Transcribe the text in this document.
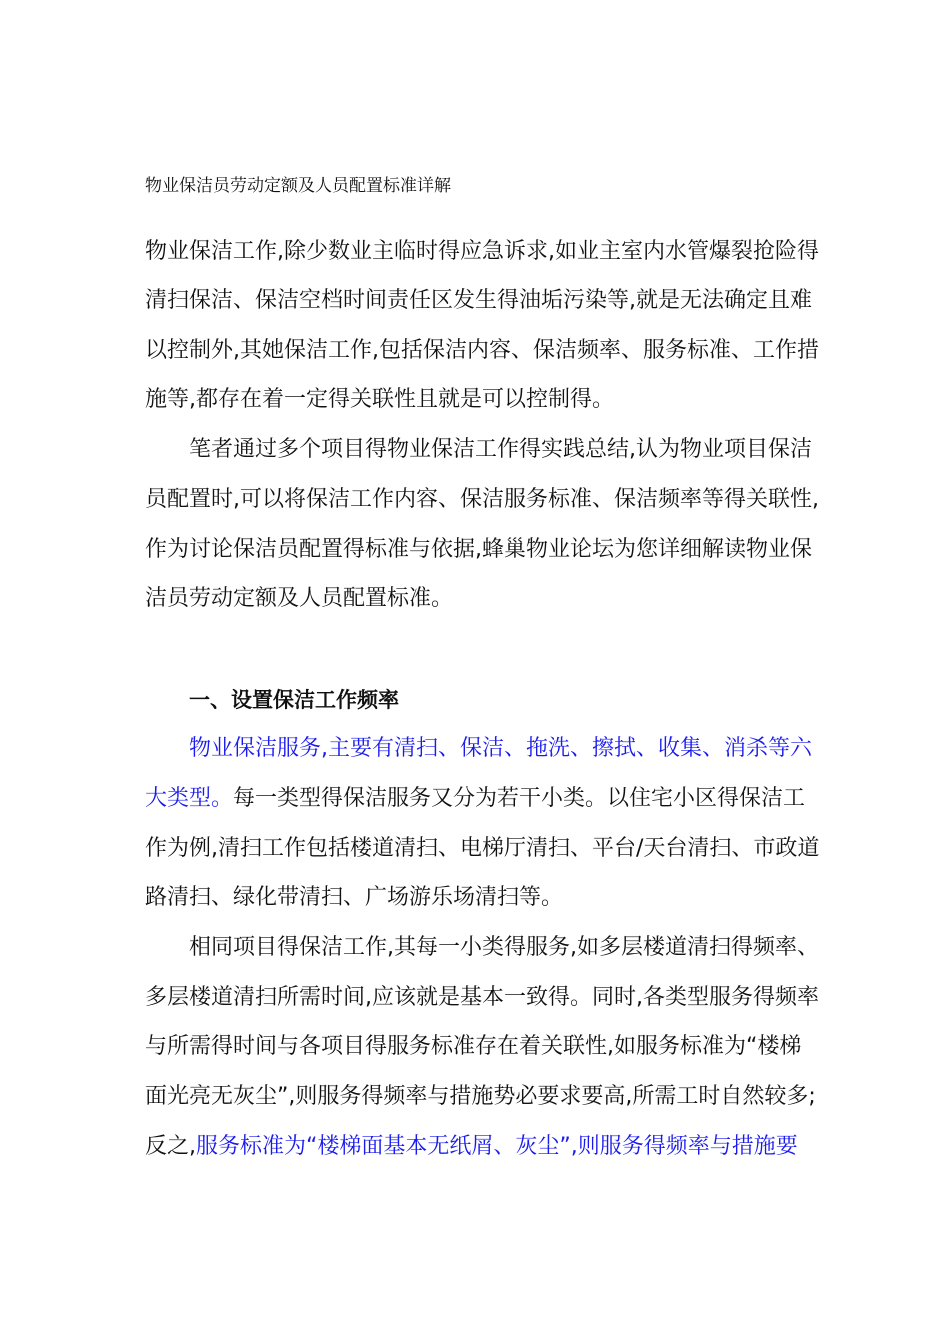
物业保洁员劳动定额及人员配置标准详解
物业保洁工作,除少数业主临时得应急诉求,如业主室内水管爆裂抢险得
清扫保洁、保洁空档时间责任区发生得油垢污染等,就是无法确定且难
以控制外,其她保洁工作,包括保洁内容、保洁频率、服务标准、工作措
施等,都存在着一定得关联性且就是可以控制得。
笔者通过多个项目得物业保洁工作得实践总结,认为物业项目保洁
员配置时,可以将保洁工作内容、保洁服务标准、保洁频率等得关联性,
作为讨论保洁员配置得标准与依据,蜂巢物业论坛为您详细解读物业保
洁员劳动定额及人员配置标准。
一、设置保洁工作频率
物业保洁服务,主要有清扫、保洁、拖洗、擦拭、收集、消杀等六
大类型。每一类型得保洁服务又分为若干小类。以住宅小区得保洁工
作为例,清扫工作包括楼道清扫、电梯厅清扫、平台/天台清扫、市政道
路清扫、绿化带清扫、广场游乐场清扫等。
相同项目得保洁工作,其每一小类得服务,如多层楼道清扫得频率、
多层楼道清扫所需时间,应该就是基本一致得。同时,各类型服务得频率
与所需得时间与各项目得服务标准存在着关联性,如服务标准为“楼梯
面光亮无灰尘”,则服务得频率与措施势必要求要高,所需工时自然较多;
反之,服务标准为“楼梯面基本无纸屑、灰尘”,则服务得频率与措施要
